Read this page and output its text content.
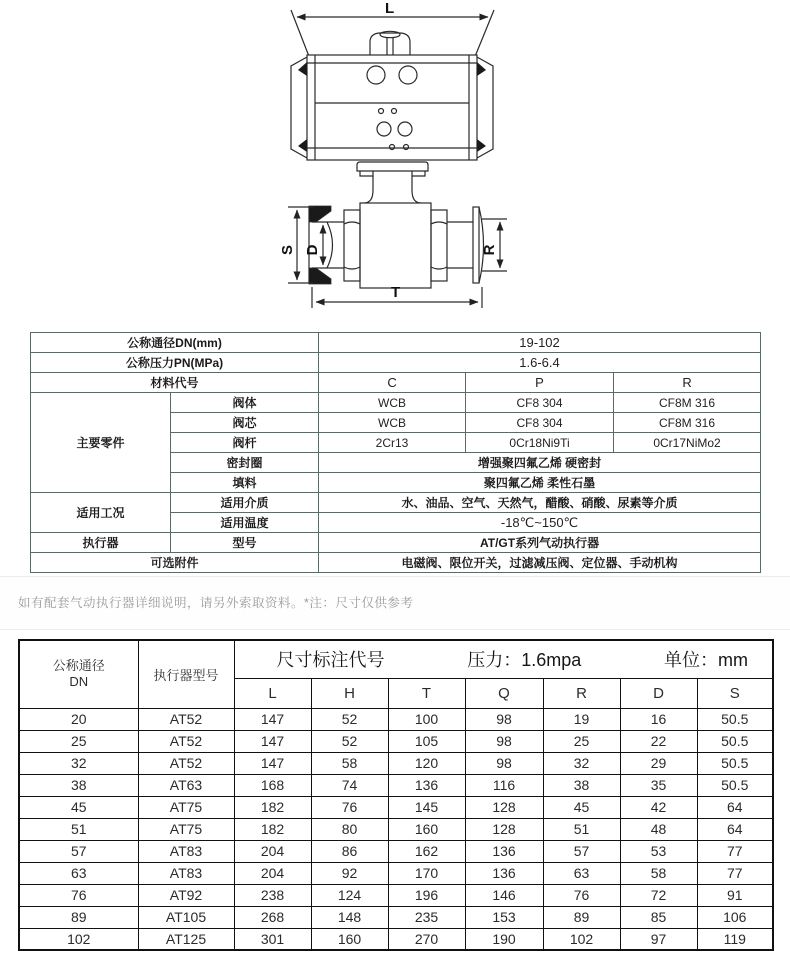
L
S D	R
T
公称通径DN(mm)		19-102		
公称压力PN(MPa)		1.6-6.4		
材料代号		C	P	R
主要零件	阀体	WCB	CF8 304	CF8M 316
	阀芯	WCB	CF8 304	CF8M 316
	阀杆	2Cr13	0Cr18Ni9Ti	0Cr17NiMo2
	密封圈	增强聚四氟乙烯 硬密封		
	填料	聚四氟乙烯 柔性石墨		
适用工况	适用介质	水、油品、空气、天然气，醋酸、硝酸、尿素等介质		
	适用温度	-18℃~150℃		
执行器	型号	AT/GT系列气动执行器		
可选附件		电磁阀、限位开关，过滤减压阀、定位器、手动机构		
如有配套气动执行器详细说明，请另外索取资料。*注：尺寸仅供参考
公称通径
DN	执行器型号	
尺寸标注代号	压力：1.6mpa	单位：mm

		L	H	T	Q	R	D	S
20	AT52	147	52	100	98	19	16	50.5
25	AT52	147	52	105	98	25	22	50.5
32	AT52	147	58	120	98	32	29	50.5
38	AT63	168	74	136	116	38	35	50.5
45	AT75	182	76	145	128	45	42	64
51	AT75	182	80	160	128	51	48	64
57	AT83	204	86	162	136	57	53	77
63	AT83	204	92	170	136	63	58	77
76	AT92	238	124	196	146	76	72	91
89	AT105	268	148	235	153	89	85	106
102	AT125	301	160	270	190	102	97	119
